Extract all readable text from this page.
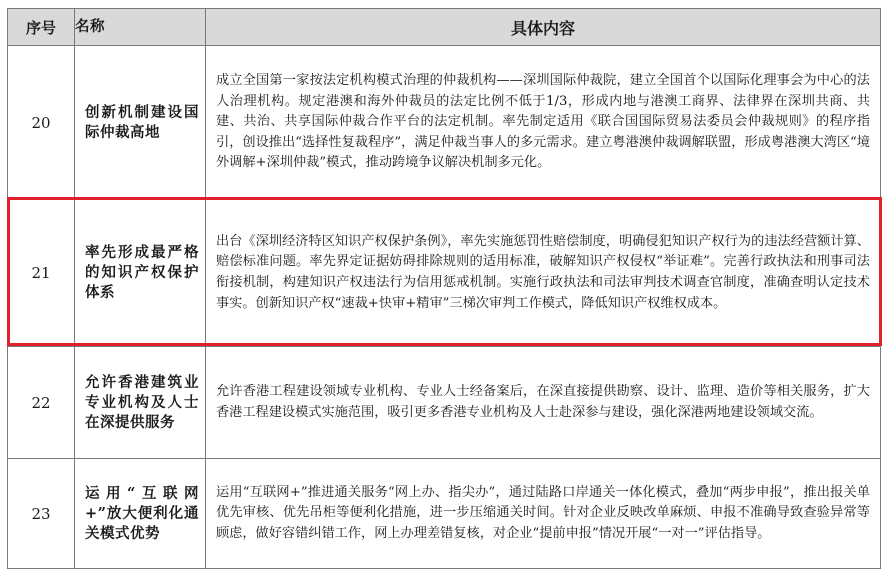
序号	名称	具体内容
20	创新机制建设国际仲裁高地	成立全国第一家按法定机构模式治理的仲裁机构——深圳国际仲裁院，建立全国首个以国际化理事会为中心的法人治理机构。规定港澳和海外仲裁员的法定比例不低于1/3，形成内地与港澳工商界、法律界在深圳共商、共建、共治、共享国际仲裁合作平台的法定机制。率先制定适用《联合国国际贸易法委员会仲裁规则》的程序指引，创设推出“选择性复裁程序”，满足仲裁当事人的多元需求。建立粤港澳仲裁调解联盟，形成粤港澳大湾区“境外调解+深圳仲裁”模式，推动跨境争议解决机制多元化。
21	率先形成最严格的知识产权保护体系	出台《深圳经济特区知识产权保护条例》，率先实施惩罚性赔偿制度，明确侵犯知识产权行为的违法经营额计算、赔偿标准问题。率先界定证据妨碍排除规则的适用标准，破解知识产权侵权“举证难”。完善行政执法和刑事司法衔接机制，构建知识产权违法行为信用惩戒机制。实施行政执法和司法审判技术调查官制度，准确查明认定技术事实。创新知识产权“速裁+快审+精审”三梯次审判工作模式，降低知识产权维权成本。
22	允许香港建筑业专业机构及人士在深提供服务	允许香港工程建设领域专业机构、专业人士经备案后，在深直接提供勘察、设计、监理、造价等相关服务，扩大香港工程建设模式实施范围，吸引更多香港专业机构及人士赴深参与建设，强化深港两地建设领域交流。
23	运用“互联网+”放大便利化通关模式优势	运用“互联网+”推进通关服务“网上办、指尖办”，通过陆路口岸通关一体化模式，叠加“两步申报”，推出报关单优先审核、优先吊柜等便利化措施，进一步压缩通关时间。针对企业反映改单麻烦、申报不准确导致查验异常等顾虑，做好容错纠错工作，网上办理差错复核，对企业“提前申报”情况开展“一对一”评估指导。
